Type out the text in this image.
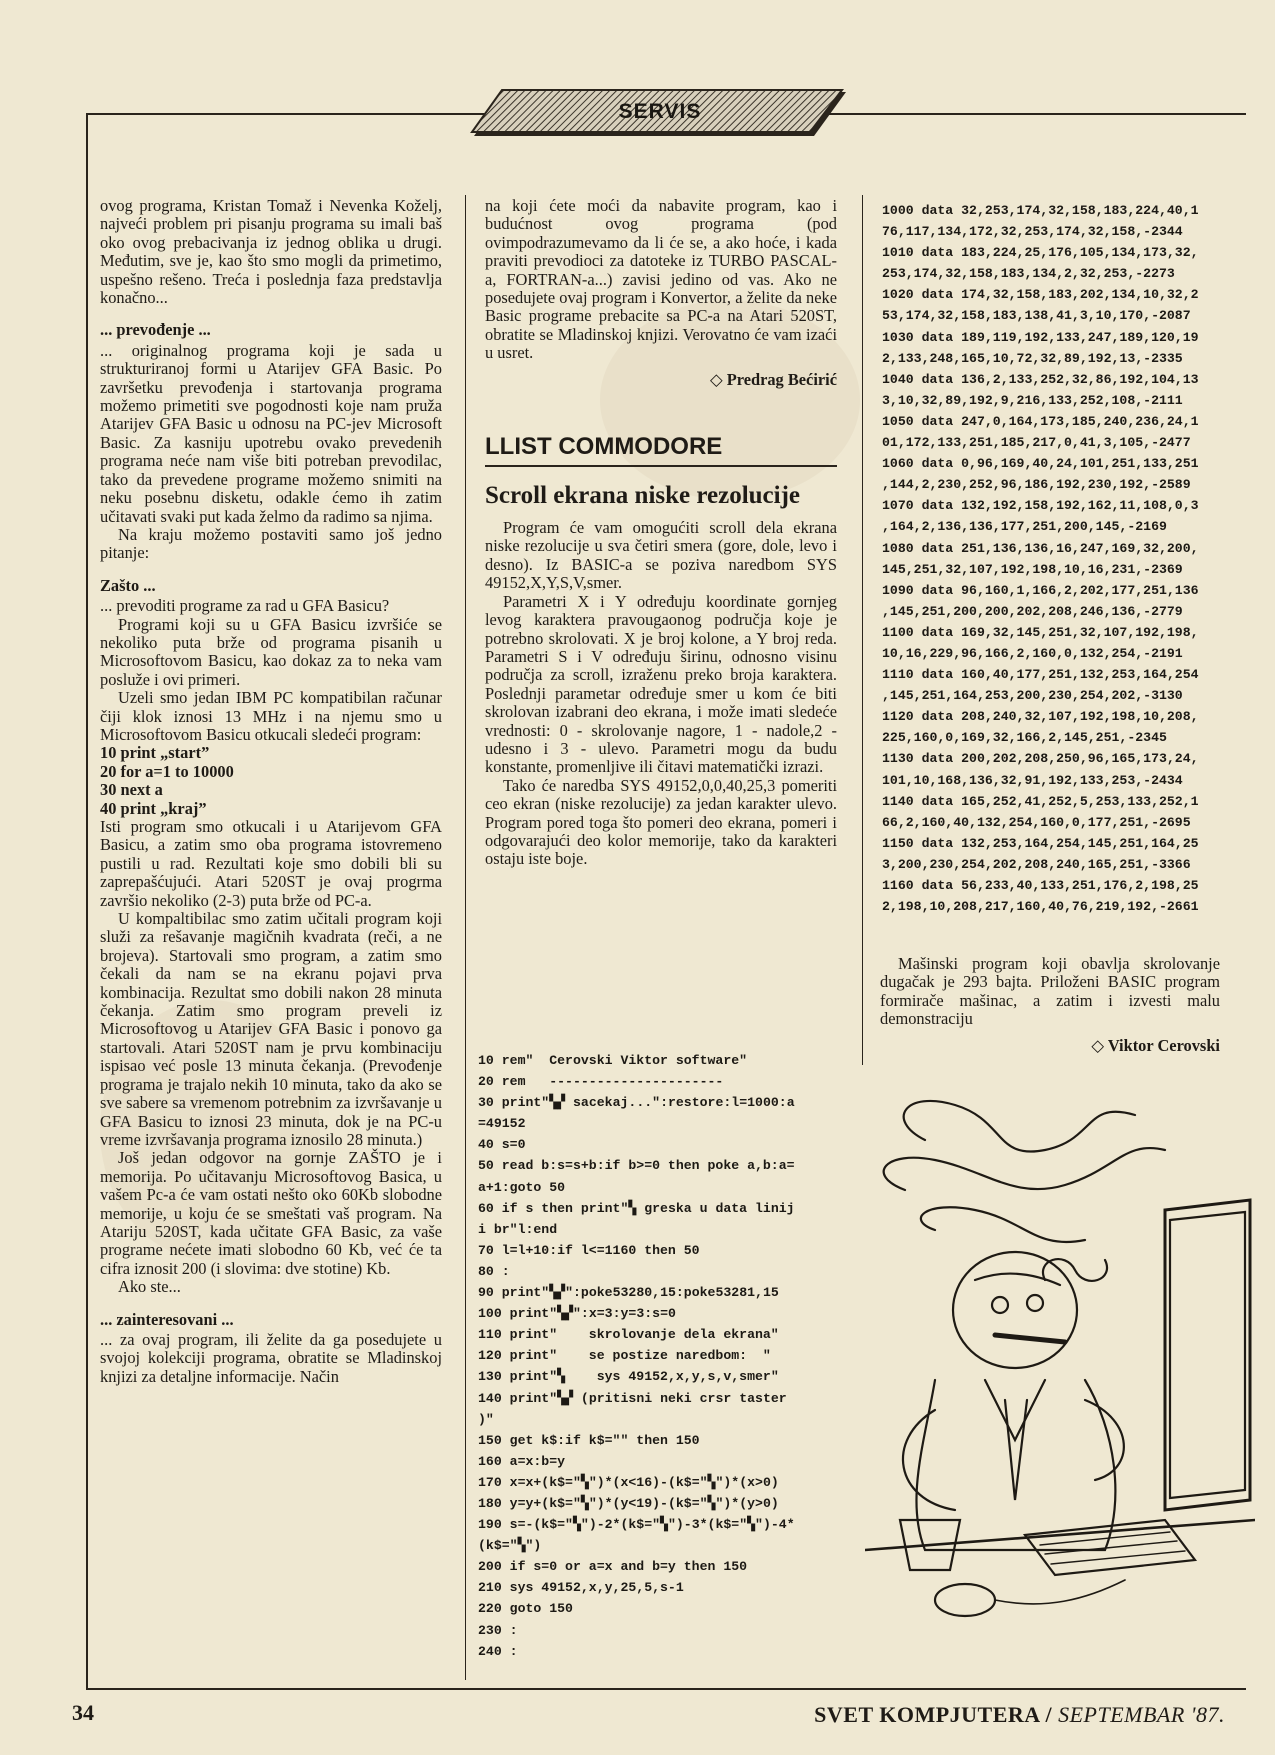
SERVIS

ovog programa, Kristan Tomaž i Nevenka Koželj, najveći problem pri pisanju programa su imali baš oko ovog prebacivanja iz jednog oblika u drugi. Međutim, sve je, kao što smo mogli da primetimo, uspešno rešeno. Treća i poslednja faza predstavlja konačno...

... prevođenje ...

... originalnog programa koji je sada u strukturiranoj formi u Atarijev GFA Basic. Po završetku prevođenja i startovanja programa možemo primetiti sve pogodnosti koje nam pruža Atarijev GFA Basic u odnosu na PC-jev Microsoft Basic. Za kasniju upotrebu ovako prevedenih programa neće nam više biti potreban prevodilac, tako da prevedene programe možemo snimiti na neku posebnu disketu, odakle ćemo ih zatim učitavati svaki put kada želmo da radimo sa njima.

Na kraju možemo postaviti samo još jedno pitanje:

Zašto ...

... prevoditi programe za rad u GFA Basicu?

Programi koji su u GFA Basicu izvršiće se nekoliko puta brže od programa pisanih u Microsoftovom Basicu, kao dokaz za to neka vam posluže i ovi primeri.

Uzeli smo jedan IBM PC kompatibilan računar čiji klok iznosi 13 MHz i na njemu smo u Microsoftovom Basicu otkucali sledeći program:

10 print „start”
20 for a=1 to 10000
30 next a
40 print „kraj”

Isti program smo otkucali i u Atarijevom GFA Basicu, a zatim smo oba programa istovremeno pustili u rad. Rezultati koje smo dobili bli su zaprepašćujući. Atari 520ST je ovaj progrma završio nekoliko (2-3) puta brže od PC-a.

U kompaltibilac smo zatim učitali program koji služi za rešavanje magičnih kvadrata (reči, a ne brojeva). Startovali smo program, a zatim smo čekali da nam se na ekranu pojavi prva kombinacija. Rezultat smo dobili nakon 28 minuta čekanja. Zatim smo program preveli iz Microsoftovog u Atarijev GFA Basic i ponovo ga startovali. Atari 520ST nam je prvu kombinaciju ispisao već posle 13 minuta čekanja. (Prevođenje programa je trajalo nekih 10 minuta, tako da ako se sve sabere sa vremenom potrebnim za izvršavanje u GFA Basicu to iznosi 23 minuta, dok je na PC-u vreme izvršavanja programa iznosilo 28 minuta.)

Još jedan odgovor na gornje ZAŠTO je i memorija. Po učitavanju Microsoftovog Basica, u vašem Pc-a će vam ostati nešto oko 60Kb slobodne memorije, u koju će se smeštati vaš program. Na Atariju 520ST, kada učitate GFA Basic, za vaše programe nećete imati slobodno 60 Kb, već će ta cifra iznosit 200 (i slovima: dve stotine) Kb.

Ako ste...

... zainteresovani ...

... za ovaj program, ili želite da ga posedujete u svojoj kolekciji programa, obratite se Mladinskoj knjizi za detaljne informacije. Način

na koji ćete moći da nabavite program, kao i budućnost ovog programa (pod ovimpodrazumevamo da li će se, a ako hoće, i kada praviti prevodioci za datoteke iz TURBO PASCAL-a, FORTRAN-a...) zavisi jedino od vas. Ako ne posedujete ovaj program i Konvertor, a želite da neke Basic programe prebacite sa PC-a na Atari 520ST, obratite se Mladinskoj knjizi. Verovatno će vam izaći u usret.

◇ Predrag Bećirić

LLIST COMMODORE
Scroll ekrana niske rezolucije

Program će vam omogućiti scroll dela ekrana niske rezolucije u sva četiri smera (gore, dole, levo i desno). Iz BASIC-a se poziva naredbom SYS 49152,X,Y,S,V,smer.

Parametri X i Y određuju koordinate gornjeg levog karaktera pravougaonog područja koje je potrebno skrolovati. X je broj kolone, a Y broj reda. Parametri S i V određuju širinu, odnosno visinu područja za scroll, izraženu preko broja karaktera. Poslednji parametar određuje smer u kom će biti skrolovan izabrani deo ekrana, i može imati sledeće vrednosti: 0 - skrolovanje nagore, 1 - nadole,2 - udesno i 3 - ulevo. Parametri mogu da budu konstante, promenljive ili čitavi matematički izrazi.

Tako će naredba SYS 49152,0,0,40,25,3 pomeriti ceo ekran (niske rezolucije) za jedan karakter ulevo. Program pored toga što pomeri deo ekrana, pomeri i odgovarajući deo kolor memorije, tako da karakteri ostaju iste boje.

10 rem"  Cerovski Viktor software"
20 rem   ----------------------
30 print"▚▞ sacekaj...":restore:l=1000:a
=49152
40 s=0
50 read b:s=s+b:if b>=0 then poke a,b:a=
a+1:goto 50
60 if s then print"▚ greska u data linij
i br"l:end
70 l=l+10:if l<=1160 then 50
80 :
90 print"▚▞":poke53280,15:poke53281,15
100 print"▚▞":x=3:y=3:s=0
110 print"    skrolovanje dela ekrana"
120 print"    se postize naredbom:  "
130 print"▚    sys 49152,x,y,s,v,smer"
140 print"▚▞ (pritisni neki crsr taster
)"
150 get k$:if k$="" then 150
160 a=x:b=y
170 x=x+(k$="▚")*(x<16)-(k$="▚")*(x>0)
180 y=y+(k$="▚")*(y<19)-(k$="▚")*(y>0)
190 s=-(k$="▚")-2*(k$="▚")-3*(k$="▚")-4*
(k$="▚")
200 if s=0 or a=x and b=y then 150
210 sys 49152,x,y,25,5,s-1
220 goto 150
230 :
240 :
1000 data 32,253,174,32,158,183,224,40,1
76,117,134,172,32,253,174,32,158,-2344
1010 data 183,224,25,176,105,134,173,32,
253,174,32,158,183,134,2,32,253,-2273
1020 data 174,32,158,183,202,134,10,32,2
53,174,32,158,183,138,41,3,10,170,-2087
1030 data 189,119,192,133,247,189,120,19
2,133,248,165,10,72,32,89,192,13,-2335
1040 data 136,2,133,252,32,86,192,104,13
3,10,32,89,192,9,216,133,252,108,-2111
1050 data 247,0,164,173,185,240,236,24,1
01,172,133,251,185,217,0,41,3,105,-2477
1060 data 0,96,169,40,24,101,251,133,251
,144,2,230,252,96,186,192,230,192,-2589
1070 data 132,192,158,192,162,11,108,0,3
,164,2,136,136,177,251,200,145,-2169
1080 data 251,136,136,16,247,169,32,200,
145,251,32,107,192,198,10,16,231,-2369
1090 data 96,160,1,166,2,202,177,251,136
,145,251,200,200,202,208,246,136,-2779
1100 data 169,32,145,251,32,107,192,198,
10,16,229,96,166,2,160,0,132,254,-2191
1110 data 160,40,177,251,132,253,164,254
,145,251,164,253,200,230,254,202,-3130
1120 data 208,240,32,107,192,198,10,208,
225,160,0,169,32,166,2,145,251,-2345
1130 data 200,202,208,250,96,165,173,24,
101,10,168,136,32,91,192,133,253,-2434
1140 data 165,252,41,252,5,253,133,252,1
66,2,160,40,132,254,160,0,177,251,-2695
1150 data 132,253,164,254,145,251,164,25
3,200,230,254,202,208,240,165,251,-3366
1160 data 56,233,40,133,251,176,2,198,25
2,198,10,208,217,160,40,76,219,192,-2661

Mašinski program koji obavlja skrolovanje dugačak je 293 bajta. Priloženi BASIC program formirače mašinac, a zatim i izvesti malu demonstraciju

◇ Viktor Cerovski

34	SVET KOMPJUTERA / SEPTEMBAR '87.
